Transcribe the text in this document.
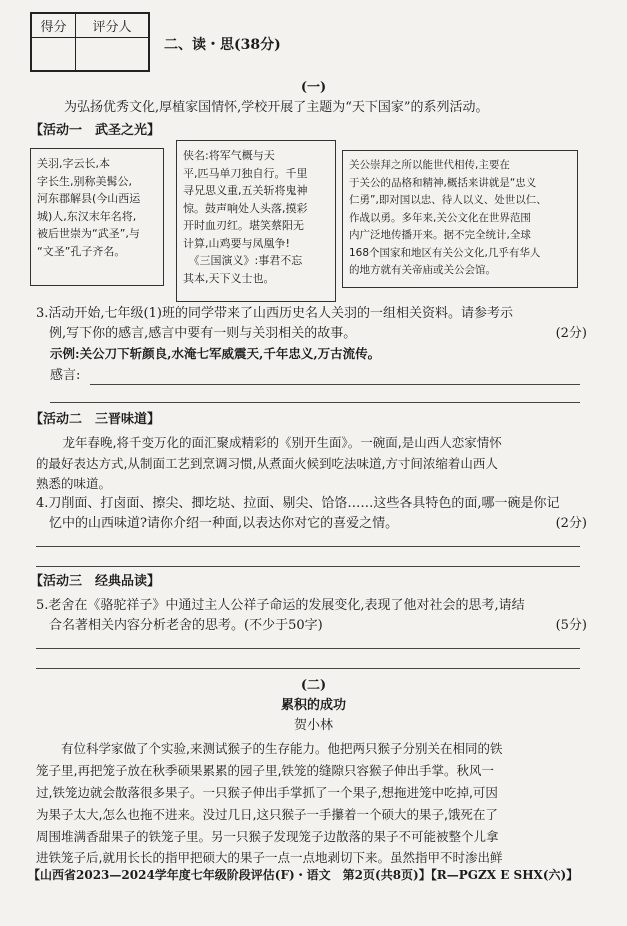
得分	评分人
二、读・思(38分)
(一)
为弘扬优秀文化,厚植家国情怀,学校开展了主题为“天下国家”的系列活动。
【活动一　武圣之光】

关羽,字云长,本

字长生,别称美髯公,

河东郡解县(今山西运

城)人,东汉末年名将,

被后世崇为“武圣”,与

“文圣”孔子齐名。

侠名:将军气概与天

平,匹马单刀独自行。千里

寻兄思义重,五关斩将鬼神

惊。鼓声响处人头落,摸彩

开时血刃红。堪笑蔡阳无

计算,山鸡要与凤凰争!

　《三国演义》:事君不忘

其本,天下义士也。

关公崇拜之所以能世代相传,主要在

于关公的品格和精神,概括来讲就是“忠义

仁勇”,即对国以忠、待人以义、处世以仁、

作战以勇。多年来,关公文化在世界范围

内广泛地传播开来。据不完全统计,全球

168个国家和地区有关公文化,几乎有华人

的地方就有关帝庙或关公会馆。

3.活动开始,七年级(1)班的同学带来了山西历史名人关羽的一组相关资料。请参考示
　例,写下你的感言,感言中要有一则与关羽相关的故事。	(2分)
示例:关公刀下斩颜良,水淹七军威震天,千年忠义,万古流传。
感言:
【活动二　三晋味道】
　龙年春晚,将千变万化的面汇聚成精彩的《别开生面》。一碗面,是山西人恋家情怀
的最好表达方式,从制面工艺到烹调习惯,从煮面火候到吃法味道,方寸间浓缩着山西人
熟悉的味道。
4.刀削面、打卤面、擦尖、揤圪垯、拉面、剔尖、饸饹……这些各具特色的面,哪一碗是你记
　忆中的山西味道?请你介绍一种面,以表达你对它的喜爱之情。	(2分)
【活动三　经典品读】
5.老舍在《骆驼祥子》中通过主人公祥子命运的发展变化,表现了他对社会的思考,请结
　合名著相关内容分析老舍的思考。(不少于50字)	(5分)
(二)
累积的成功
贺小林
　　有位科学家做了个实验,来测试猴子的生存能力。他把两只猴子分别关在相同的铁
笼子里,再把笼子放在秋季硕果累累的园子里,铁笼的缝隙只容猴子伸出手掌。秋风一
过,铁笼边就会散落很多果子。一只猴子伸出手掌抓了一个果子,想拖进笼中吃掉,可因
为果子太大,怎么也拖不进来。没过几日,这只猴子一手攥着一个硕大的果子,饿死在了
周围堆满香甜果子的铁笼子里。另一只猴子发现笼子边散落的果子不可能被整个儿拿
进铁笼子后,就用长长的指甲把硕大的果子一点一点地剥切下来。虽然指甲不时渗出鲜
【山西省2023—2024学年度七年级阶段评估(F)・语文　第2页(共8页)】【R—PGZX E SHX(六)】
